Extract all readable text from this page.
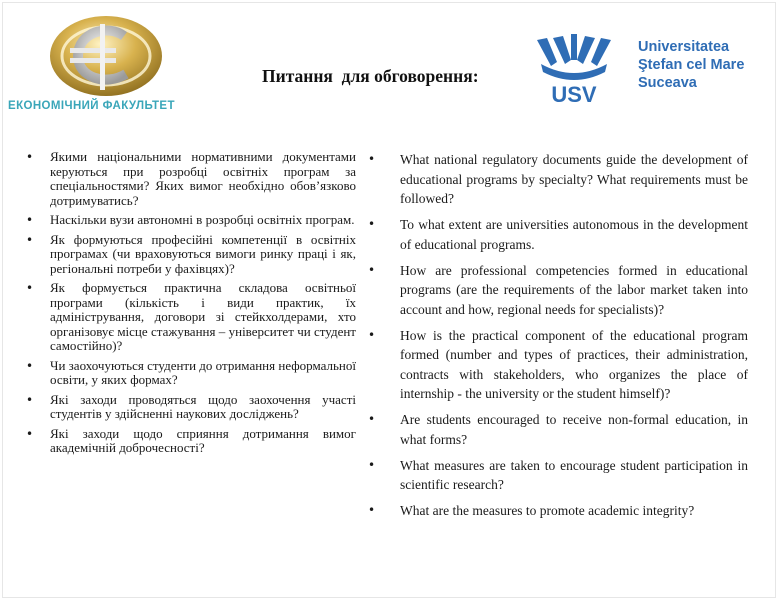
ЕКОНОМІЧНИЙ ФАКУЛЬТЕТ
Питання  для обговорення:
USV
Universitatea
Ştefan cel Mare
Suceava
• Якими національними нормативними документами керуються при розробці освітніх програм за спеціальностями? Яких вимог необхідно обов’язково дотримуватись?
• Наскільки вузи автономні в розробці освітніх програм.
• Як формуються професійні компетенції в освітніх програмах (чи враховуються вимоги ринку праці і як, регіональні потреби у фахівцях)?
• Як формується практична складова освітньої програми (кількість і види практик, їх адміністрування, договори зі стейкхолдерами, хто організовує місце стажування – університет чи студент самостійно)?
• Чи заохочуються студенти до отримання неформальної освіти, у яких формах?
• Які заходи проводяться щодо заохочення участі студентів у здійсненні наукових досліджень?
• Які заходи щодо сприяння дотримання вимог академічній доброчесності?
• What national regulatory documents guide the development of educational programs by specialty? What requirements must be followed?
• To what extent are universities autonomous in the development of educational programs.
• How are professional competencies formed in educational programs (are the requirements of the labor market taken into account and how, regional needs for specialists)?
• How is the practical component of the educational program formed (number and types of practices, their administration, contracts with stakeholders, who organizes the place of internship - the university or the student himself)?
• Are students encouraged to receive non-formal education, in what forms?
• What measures are taken to encourage student participation in scientific research?
• What are the measures to promote academic integrity?
